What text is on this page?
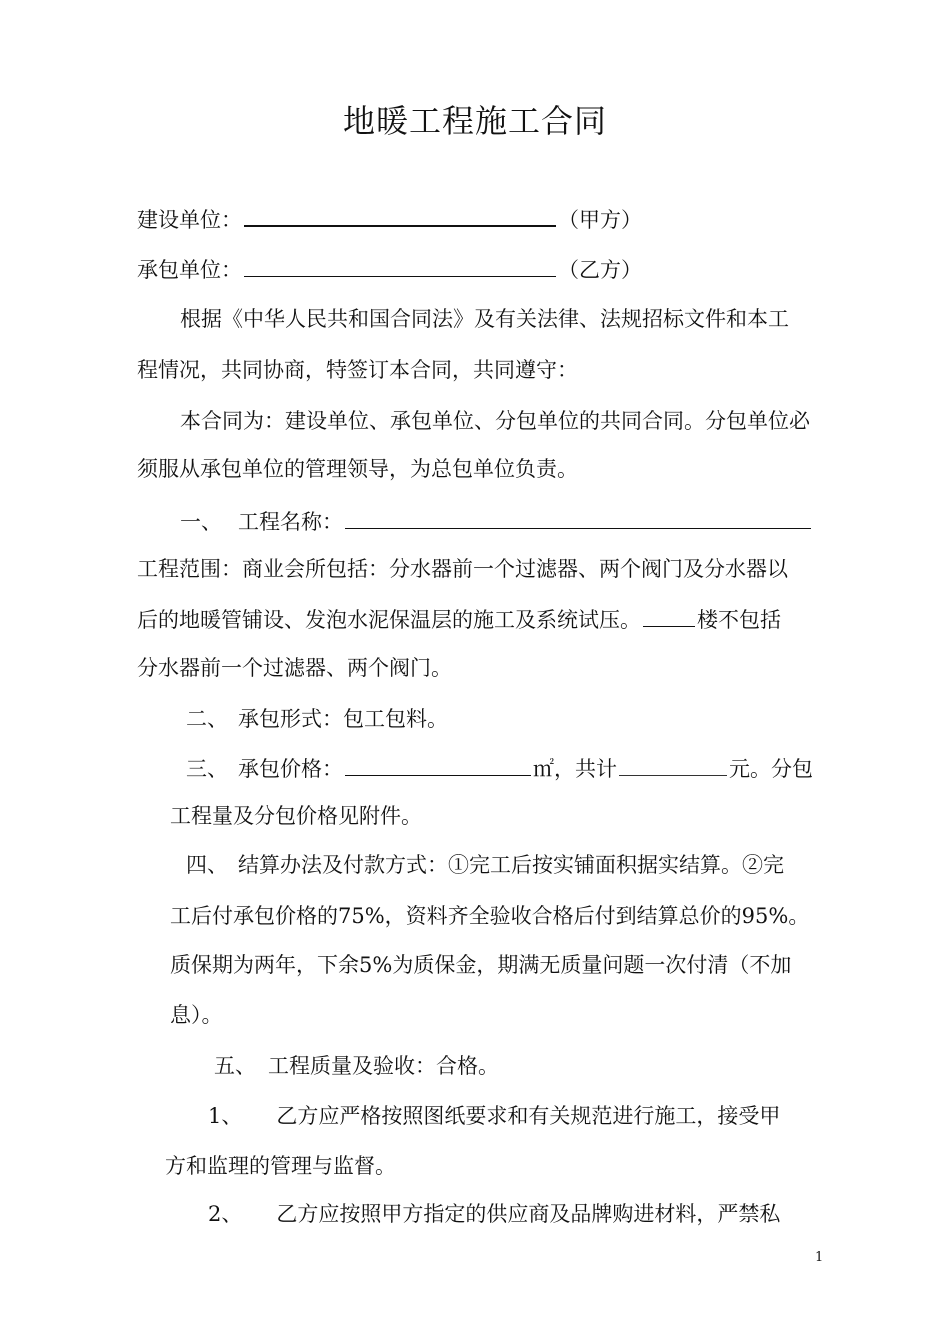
地暖工程施工合同
建设单位：	（甲方）
承包单位：	（乙方）
根据《中华人民共和国合同法》及有关法律、法规招标文件和本工
程情况，共同协商，特签订本合同，共同遵守：
本合同为：建设单位、承包单位、分包单位的共同合同。分包单位必
须服从承包单位的管理领导，为总包单位负责。
一、 工程名称：
工程范围：商业会所包括：分水器前一个过滤器、两个阀门及分水器以
后的地暖管铺设、发泡水泥保温层的施工及系统试压。	楼不包括
分水器前一个过滤器、两个阀门。
二、 承包形式：包工包料。
三、 承包价格：	㎡，共计	元。分包
工程量及分包价格见附件。
四、 结算办法及付款方式：①完工后按实铺面积据实结算。②完
工后付承包价格的75%，资料齐全验收合格后付到结算总价的95%。
质保期为两年，下余5%为质保金，期满无质量问题一次付清（不加
息）。
五、 工程质量及验收：合格。
1、 乙方应严格按照图纸要求和有关规范进行施工，接受甲
方和监理的管理与监督。
2、 乙方应按照甲方指定的供应商及品牌购进材料，严禁私
1
